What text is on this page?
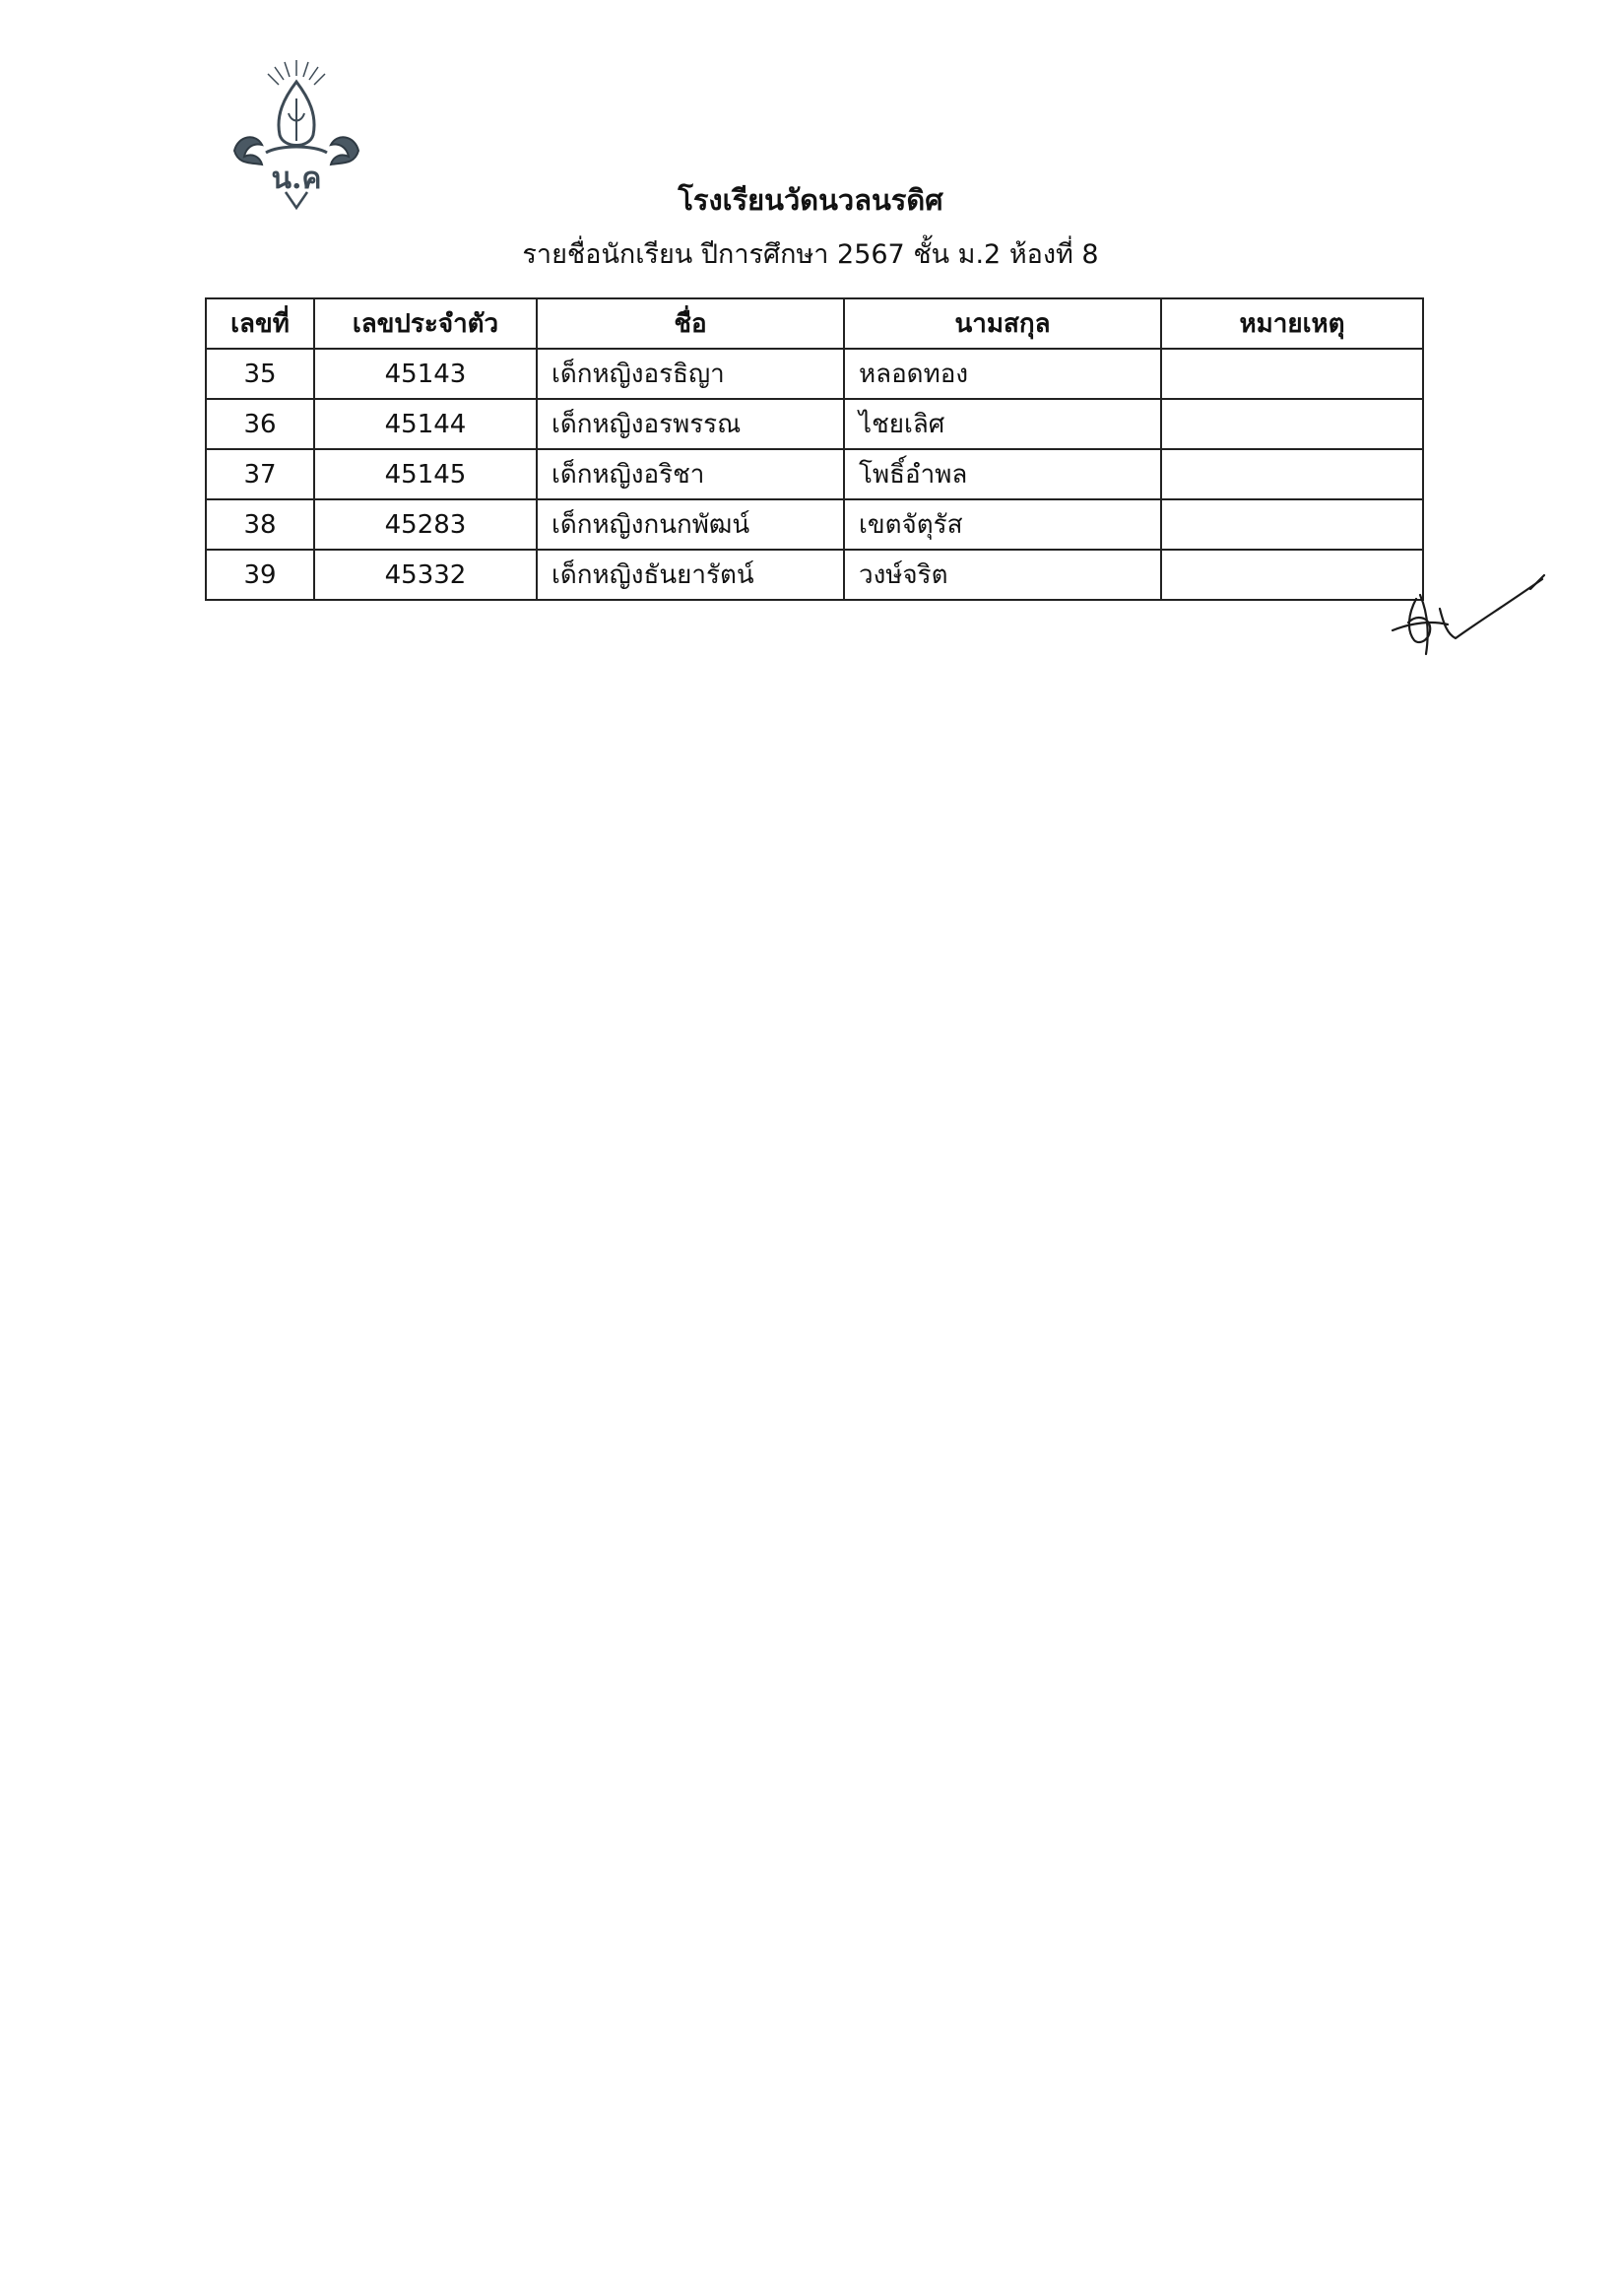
น.ค
โรงเรียนวัดนวลนรดิศ
รายชื่อนักเรียน ปีการศึกษา 2567 ชั้น ม.2 ห้องที่ 8
เลขที่	เลขประจำตัว	ชื่อ	นามสกุล	หมายเหตุ
35	45143	เด็กหญิงอรธิญา	หลอดทอง	
36	45144	เด็กหญิงอรพรรณ	ไชยเลิศ	
37	45145	เด็กหญิงอริชา	โพธิ์อำพล	
38	45283	เด็กหญิงกนกพัฒน์	เขตจัตุรัส	
39	45332	เด็กหญิงธันยารัตน์	วงษ์จริต	
